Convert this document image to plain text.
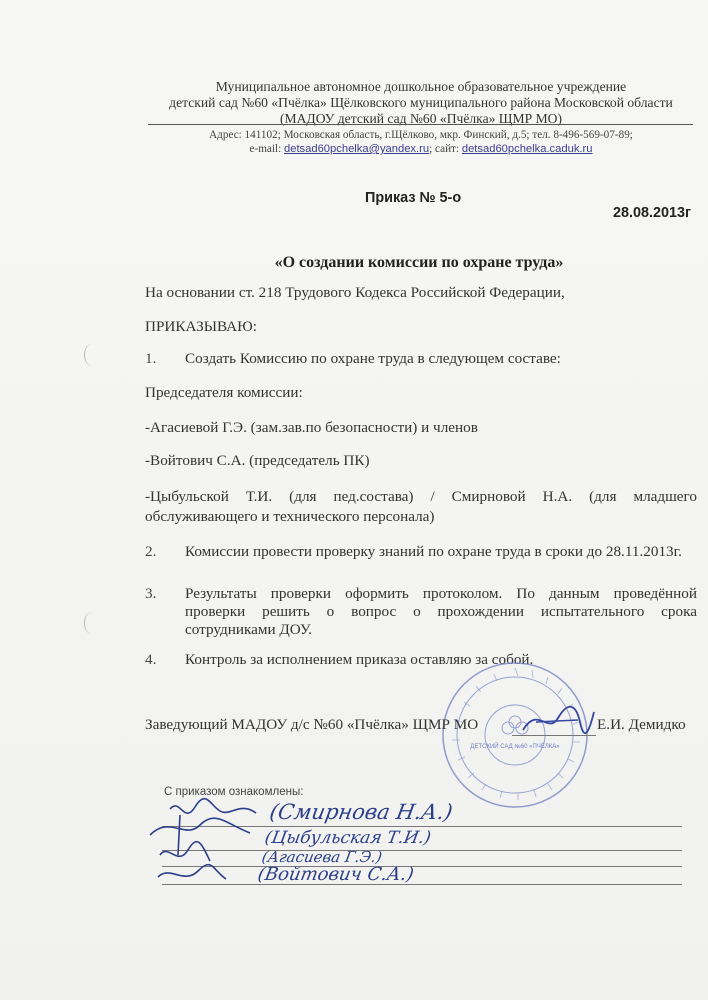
Муниципальное автономное дошкольное образовательное учреждение
детский сад №60 «Пчёлка» Щёлковского муниципального района Московской области
(МАДОУ детский сад №60 «Пчёлка» ЩМР МО)
Адрес: 141102; Московская область, г.Щёлково, мкр. Финский, д.5; тел. 8-496-569-07-89;
e-mail: detsad60pchelka@yandex.ru; сайт: detsad60pchelka.caduk.ru
Приказ № 5-о
28.08.2013г
«О создании комиссии по охране труда»
На основании ст. 218 Трудового Кодекса Российской Федерации,
ПРИКАЗЫВАЮ:
1. Создать Комиссию по охране труда в следующем составе:
Председателя комиссии:
-Агасиевой Г.Э. (зам.зав.по безопасности) и членов
-Войтович С.А. (председатель ПК)
-Цыбульской Т.И. (для пед.состава) / Смирновой Н.А. (для младшего обслуживающего и технического персонала)
2. Комиссии провести проверку знаний по охране труда в сроки до 28.11.2013г.
3. Результаты проверки оформить протоколом. По данным проведённой проверки решить о вопрос о прохождении испытательного срока сотрудниками ДОУ.
4. Контроль за исполнением приказа оставляю за собой.
ДЕТСКИЙ САД №60 «ПЧЁЛКА»
Заведующий МАДОУ д/с №60 «Пчёлка» ЩМР МО	Е.И. Демидко
С приказом ознакомлены:
(Смирнова Н.А.)
(Цыбульская Т.И.)
(Агасиева Г.Э.)
(Войтович С.А.)
